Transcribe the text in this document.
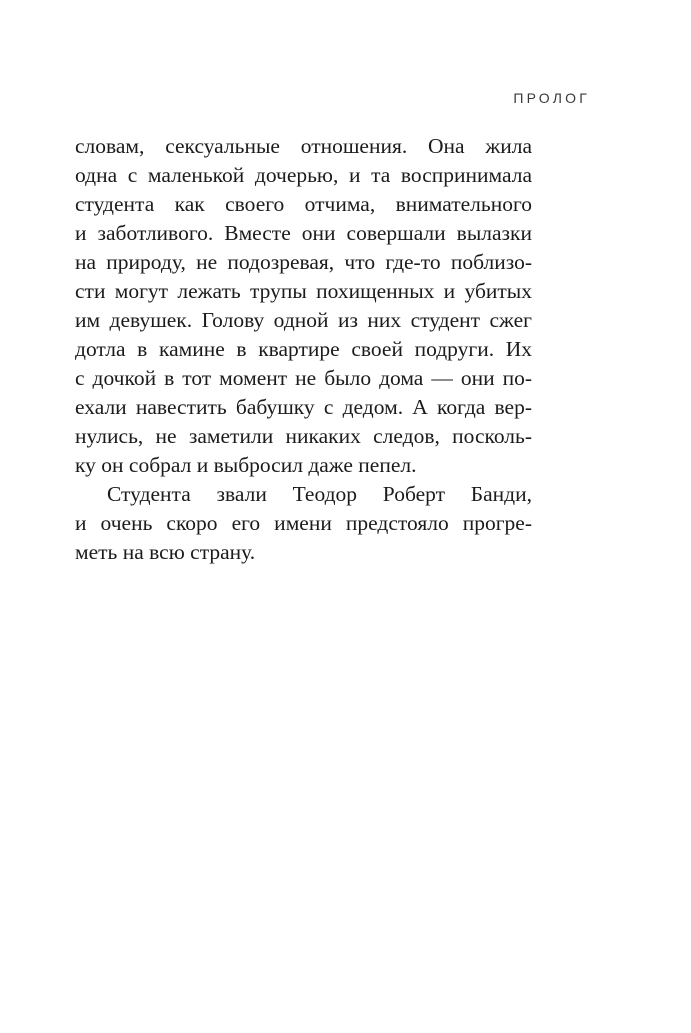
ПРОЛОГ
словам, сексуальные отношения. Она жила
одна с маленькой дочерью, и та воспринимала
студента как своего отчима, внимательного
и заботливого. Вместе они совершали вылазки
на природу, не подозревая, что где-то поблизо-
сти могут лежать трупы похищенных и убитых
им девушек. Голову одной из них студент сжег
дотла в камине в квартире своей подруги. Их
с дочкой в тот момент не было дома — они по-
ехали навестить бабушку с дедом. А когда вер-
нулись, не заметили никаких следов, посколь-
ку он собрал и выбросил даже пепел.
Студента звали Теодор Роберт Банди,
и очень скоро его имени предстояло прогре-
меть на всю страну.
